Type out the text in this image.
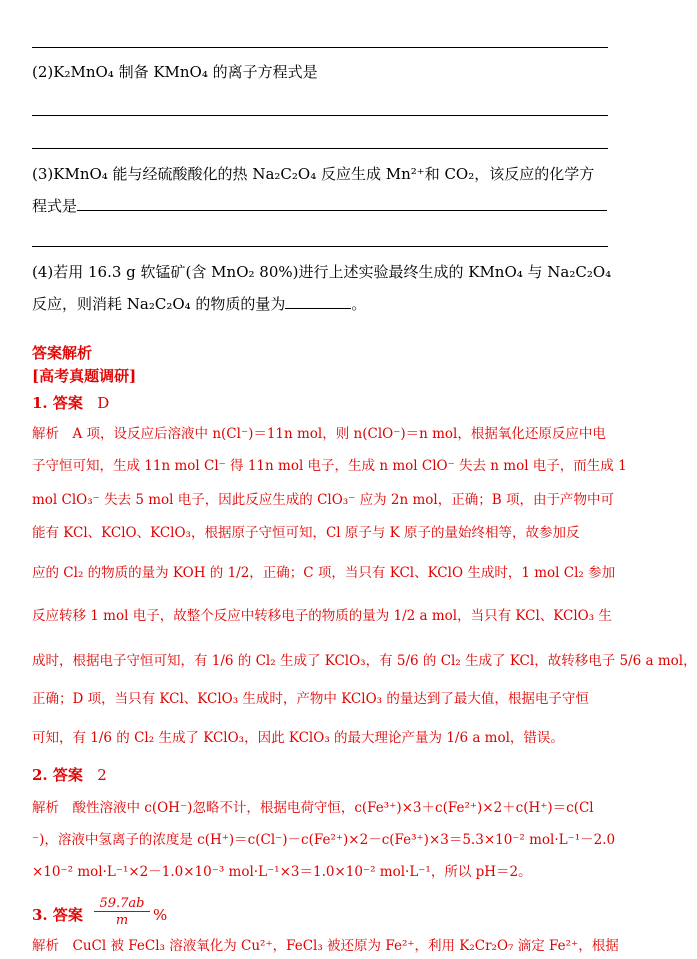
(2)K₂MnO₄ 制备 KMnO₄ 的离子方程式是
(3)KMnO₄ 能与经硫酸酸化的热 Na₂C₂O₄ 反应生成 Mn²⁺和 CO₂，该反应的化学方
程式是
(4)若用 16.3 g 软锰矿(含 MnO₂ 80%)进行上述实验最终生成的 KMnO₄ 与 Na₂C₂O₄
反应，则消耗 Na₂C₂O₄ 的物质的量为	。
答案解析
[高考真题调研]
1. 答案 D
解析　A 项，设反应后溶液中 n(Cl⁻)＝11n mol，则 n(ClO⁻)＝n mol，根据氧化还原反应中电
子守恒可知，生成 11n mol Cl⁻ 得 11n mol 电子，生成 n mol ClO⁻ 失去 n mol 电子，而生成 1
mol ClO₃⁻ 失去 5 mol 电子，因此反应生成的 ClO₃⁻ 应为 2n mol，正确；B 项，由于产物中可
能有 KCl、KClO、KClO₃，根据原子守恒可知，Cl 原子与 K 原子的量始终相等，故参加反
应的 Cl₂ 的物质的量为 KOH 的 1/2，正确；C 项，当只有 KCl、KClO 生成时，1 mol Cl₂ 参加
反应转移 1 mol 电子，故整个反应中转移电子的物质的量为 1/2 a mol，当只有 KCl、KClO₃ 生
成时，根据电子守恒可知，有 1/6 的 Cl₂ 生成了 KClO₃，有 5/6 的 Cl₂ 生成了 KCl，故转移电子 5/6 a mol，
正确；D 项，当只有 KCl、KClO₃ 生成时，产物中 KClO₃ 的量达到了最大值，根据电子守恒
可知，有 1/6 的 Cl₂ 生成了 KClO₃，因此 KClO₃ 的最大理论产量为 1/6 a mol，错误。
2. 答案 2
解析　酸性溶液中 c(OH⁻)忽略不计，根据电荷守恒，c(Fe³⁺)×3＋c(Fe²⁺)×2＋c(H⁺)＝c(Cl
⁻)，溶液中氢离子的浓度是 c(H⁺)＝c(Cl⁻)－c(Fe²⁺)×2－c(Fe³⁺)×3＝5.3×10⁻² mol·L⁻¹－2.0
×10⁻² mol·L⁻¹×2－1.0×10⁻³ mol·L⁻¹×3＝1.0×10⁻² mol·L⁻¹，所以 pH＝2。
3. 答案
59.7ab
m	%
解析　CuCl 被 FeCl₃ 溶液氧化为 Cu²⁺，FeCl₃ 被还原为 Fe²⁺，利用 K₂Cr₂O₇ 滴定 Fe²⁺，根据
